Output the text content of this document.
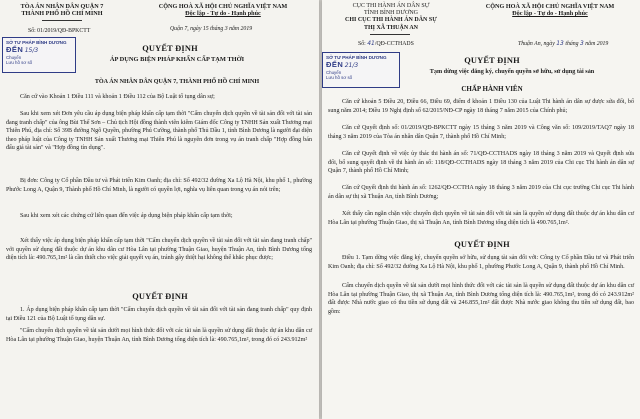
TÒA ÁN NHÂN DÂN QUẬN 7
THÀNH PHỐ HỒ CHÍ MINH
Số: 01/2019/QĐ-BPKCTT
CỘNG HOÀ XÃ HỘI CHỦ NGHĨA VIỆT NAM
Độc lập - Tự do - Hạnh phúc
Quận 7, ngày 15 tháng 3 năm 2019
SỞ TƯ PHÁP BÌNH DƯƠNG
ĐẾN 15/3
Chuyển
Lưu hồ sơ số
QUYẾT ĐỊNH
ÁP DỤNG BIỆN PHÁP KHẨN CẤP TẠM THỜI
TÒA ÁN NHÂN DÂN QUẬN 7, THÀNH PHỐ HỒ CHÍ MINH
Căn cứ vào Khoản 1 Điều 111 và khoản 1 Điều 112 của Bộ Luật tố tụng dân sự;
Sau khi xem xét Đơn yêu cầu áp dụng biện pháp khẩn cấp tạm thời "Cấm chuyển dịch quyền về tài sản đối với tài sản đang tranh chấp" của ông Bùi Thế Sơn – Chủ tịch Hội đồng thành viên kiêm Giám đốc Công ty TNHH Sản xuất Thương mại Thiên Phú, địa chỉ: Số 39B đường Ngô Quyền, phường Phú Cường, thành phố Thủ Dầu 1, tỉnh Bình Dương là người đại diện theo pháp luật của Công ty TNHH Sản xuất Thương mại Thiên Phú là nguyên đơn trong vụ án tranh chấp "Hợp đồng bán đấu giá tài sản" và "Hợp đồng tín dụng".
Bị đơn: Công ty Cổ phần Đầu tư và Phát triển Kim Oanh; địa chỉ: Số 492/32 đường Xa Lộ Hà Nội, khu phố 1, phường Phước Long A, Quận 9, Thành phố Hồ Chí Minh, là người có quyền lợi, nghĩa vụ liên quan trong vụ án nói trên;
Sau khi xem xét các chứng cứ liên quan đến việc áp dụng biện pháp khẩn cấp tạm thời;
Xét thấy việc áp dụng biện pháp khẩn cấp tạm thời "Cấm chuyển dịch quyền về tài sản đối với tài sản đang tranh chấp" với quyền sử dụng đất thuộc dự án khu dân cư Hòa Lân tại phường Thuận Giao, huyện Thuận An, tỉnh Bình Dương tổng diện tích là: 490.765,1m² là cần thiết cho việc giải quyết vụ án, tránh gây thiệt hại không thể khắc phục được;
QUYẾT ĐỊNH
1. Áp dụng biện pháp khẩn cấp tạm thời "Cấm chuyển dịch quyền về tài sản đối với tài sản đang tranh chấp" quy định tại Điều 121 của Bộ Luật tố tụng dân sự.
"Cấm chuyển dịch quyền về tài sản dưới mọi hình thức đối với các tài sản là quyền sử dụng đất thuộc dự án khu dân cư Hòa Lân tại phường Thuận Giao, huyện Thuận An, tỉnh Bình Dương tổng diện tích là: 490.765,1m², trong đó có 243.912m²
CỤC THI HÀNH ÁN DÂN SỰ
TỈNH BÌNH DƯƠNG
CHI CỤC THI HÀNH ÁN DÂN SỰ
THỊ XÃ THUẬN AN
Số: 41/QĐ-CCTHADS
CỘNG HOÀ XÃ HỘI CHỦ NGHĨA VIỆT NAM
Độc lập - Tự do - Hạnh phúc
Thuận An, ngày 13 tháng 3 năm 2019
SỞ TƯ PHÁP BÌNH DƯƠNG
ĐẾN 21/3
Chuyển
Lưu hồ sơ số
QUYẾT ĐỊNH
Tạm dừng việc đăng ký, chuyển quyền sở hữu, sử dụng tài sản
CHẤP HÀNH VIÊN
Căn cứ khoản 5 Điều 20, Điều 66, Điều 69, điểm đ khoản 1 Điều 130 của Luật Thi hành án dân sự được sửa đổi, bổ sung năm 2014; Điều 19 Nghị định số 62/2015/NĐ-CP ngày 18 tháng 7 năm 2015 của Chính phủ;
Căn cứ Quyết định số: 01/2019/QĐ-BPKCTT ngày 15 tháng 3 năm 2019 và Công văn số: 109/2019/TAQ7 ngày 18 tháng 3 năm 2019 của Tòa án nhân dân Quận 7, thành phố Hồ Chí Minh;
Căn cứ Quyết định về việc ủy thác thi hành án số: 71/QĐ-CCTHADS ngày 18 tháng 3 năm 2019 và Quyết định sửa đổi, bổ sung quyết định về thi hành án số: 118/QĐ-CCTHADS ngày 18 tháng 3 năm 2019 của Chi cục Thi hành án dân sự Quận 7, thành phố Hồ Chí Minh;
Căn cứ Quyết định thi hành án số: 1262/QĐ-CCTHA ngày 18 tháng 3 năm 2019 của Chi cục trưởng Chi cục Thi hành án dân sự thị xã Thuận An, tỉnh Bình Dương;
Xét thấy cần ngăn chặn việc chuyển dịch quyền về tài sản đối với tài sản là quyền sử dụng đất thuộc dự án khu dân cư Hòa Lân tại phường Thuận Giao, thị xã Thuận An, tỉnh Bình Dương tổng diện tích là 490.765,1m².
QUYẾT ĐỊNH
Điều 1. Tạm dừng việc đăng ký, chuyển quyền sở hữu, sử dụng tài sản đối với: Công ty Cổ phần Đầu tư và Phát triển Kim Oanh; địa chỉ: Số 492/32 đường Xa Lộ Hà Nội, khu phố 1, phường Phước Long A, Quận 9, thành phố Hồ Chí Minh.
Cấm chuyển dịch quyền về tài sản dưới mọi hình thức đối với các tài sản là quyền sử dụng đất thuộc dự án khu dân cư Hòa Lân tại phường Thuận Giao, thị xã Thuận An, tỉnh Bình Dương tổng diện tích là: 490.765,1m², trong đó có 243.912m² đất được Nhà nước giao có thu tiền sử dụng đất và 246.855,1m² đất được Nhà nước giao không thu tiền sử dụng đất, bao gồm:
